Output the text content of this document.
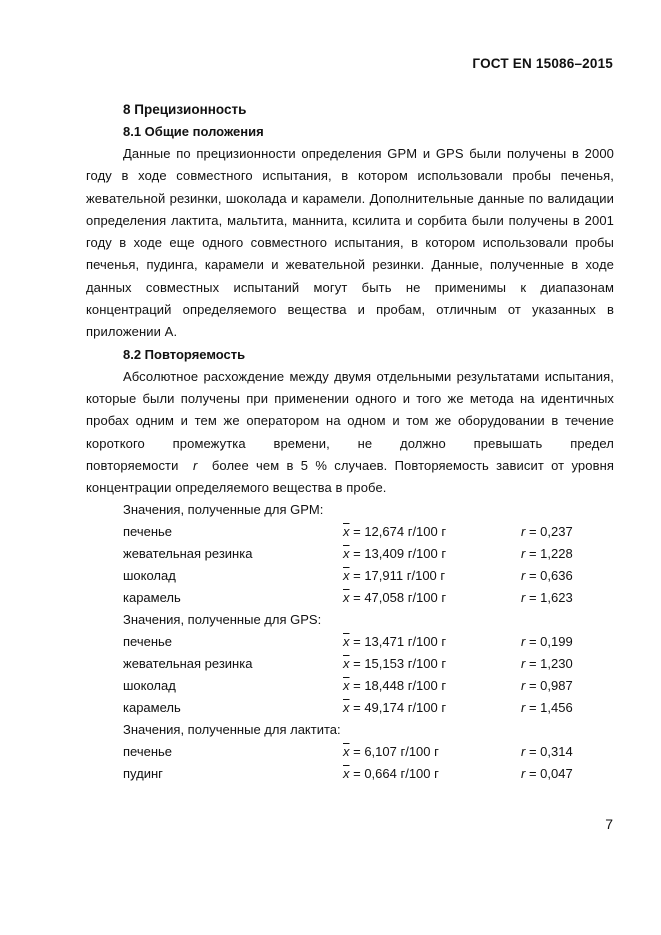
ГОСТ EN 15086–2015
8 Прецизионность
8.1 Общие положения

Данные по прецизионности определения GPM и GPS были получены в 2000 году в ходе совместного испытания, в котором использовали пробы печенья, жевательной резинки, шоколада и карамели. Дополнительные данные по валидации определения лактита, мальтита, маннита, ксилита и сорбита были получены в 2001 году в ходе еще одного совместного испытания, в котором использовали пробы печенья, пудинга, карамели и жевательной резинки. Данные, полученные в ходе данных совместных испытаний могут быть не применимы к диапазонам концентраций определяемого вещества и пробам, отличным от указанных в приложении А.

8.2 Повторяемость

Абсолютное расхождение между двумя отдельными результатами испытания, которые были получены при применении одного и того же метода на идентичных пробах одним и тем же оператором на одном и том же оборудовании в течение короткого промежутка времени, не должно превышать предел повторяемости r более чем в 5 % случаев. Повторяемость зависит от уровня концентрации определяемого вещества в пробе.

Значения, полученные для GPM:
печенье	$\overline{x} = 12,674$ г/100 г	r = 0,237
жевательная резинка	$\overline{x} = 13,409$ г/100 г	r = 1,228
шоколад	$\overline{x} = 17,911$ г/100 г	r = 0,636
карамель	$\overline{x} = 47,058$ г/100 г	r = 1,623
Значения, полученные для GPS:
печенье	$\overline{x} = 13,471$ г/100 г	r = 0,199
жевательная резинка	$\overline{x} = 15,153$ г/100 г	r = 1,230
шоколад	$\overline{x} = 18,448$ г/100 г	r = 0,987
карамель	$\overline{x} = 49,174$ г/100 г	r = 1,456
Значения, полученные для лактита:
печенье	$\overline{x} = 6,107$ г/100 г	r = 0,314
пудинг	$\overline{x} = 0,664$ г/100 г	r = 0,047
7
